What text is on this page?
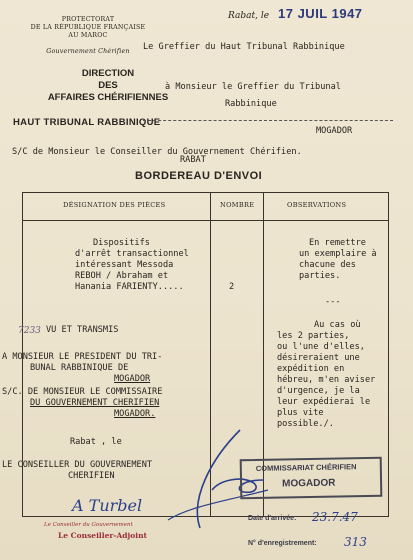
PROTECTORAT
DE LA RÉPUBLIQUE FRANÇAISE
AU MAROC
Gouvernement Chérifien
DIRECTION
DES
AFFAIRES CHÉRIFIENNES
HAUT TRIBUNAL RABBINIQUE
Rabat, le 17 JUIL 1947
Le Greffier du Haut Tribunal Rabbinique
à Monsieur le Greffier du Tribunal
Rabbinique
MOGADOR
S/C de Monsieur le Conseiller du Gouvernement Chérifien.
RABAT
BORDEREAU D'ENVOI
DÉSIGNATION DES PIÈCES	NOMBRE	OBSERVATIONS
Dispositifs
d'arrêt transactionnel
intéressant Messoda
REBOH / Abraham et
Hanania FARIENTY.....	2
En remettre
un exemplaire à
chacune des
parties.
---
Au cas où
les 2 parties,
ou l'une d'elles,
désireraient une
expédition en
hébreu, m'en aviser
d'urgence, je la
leur expédierai le
plus vite
possible./.
7233 VU ET TRANSMIS
A MONSIEUR LE PRESIDENT DU TRI-
BUNAL RABBINIQUE DE
MOGADOR
S/C. DE MONSIEUR LE COMMISSAIRE
DU GOUVERNEMENT CHERIFIEN
MOGADOR.
Rabat , le
LE CONSEILLER DU GOUVERNEMENT
CHERIFIEN
A Turbel
Le Conseiller du Gouvernement
Le Conseiller-Adjoint
COMMISSARIAT CHÉRIFIEN
MOGADOR
Date d'arrivée: 23.7.47
N° d'enregistrement: 313
